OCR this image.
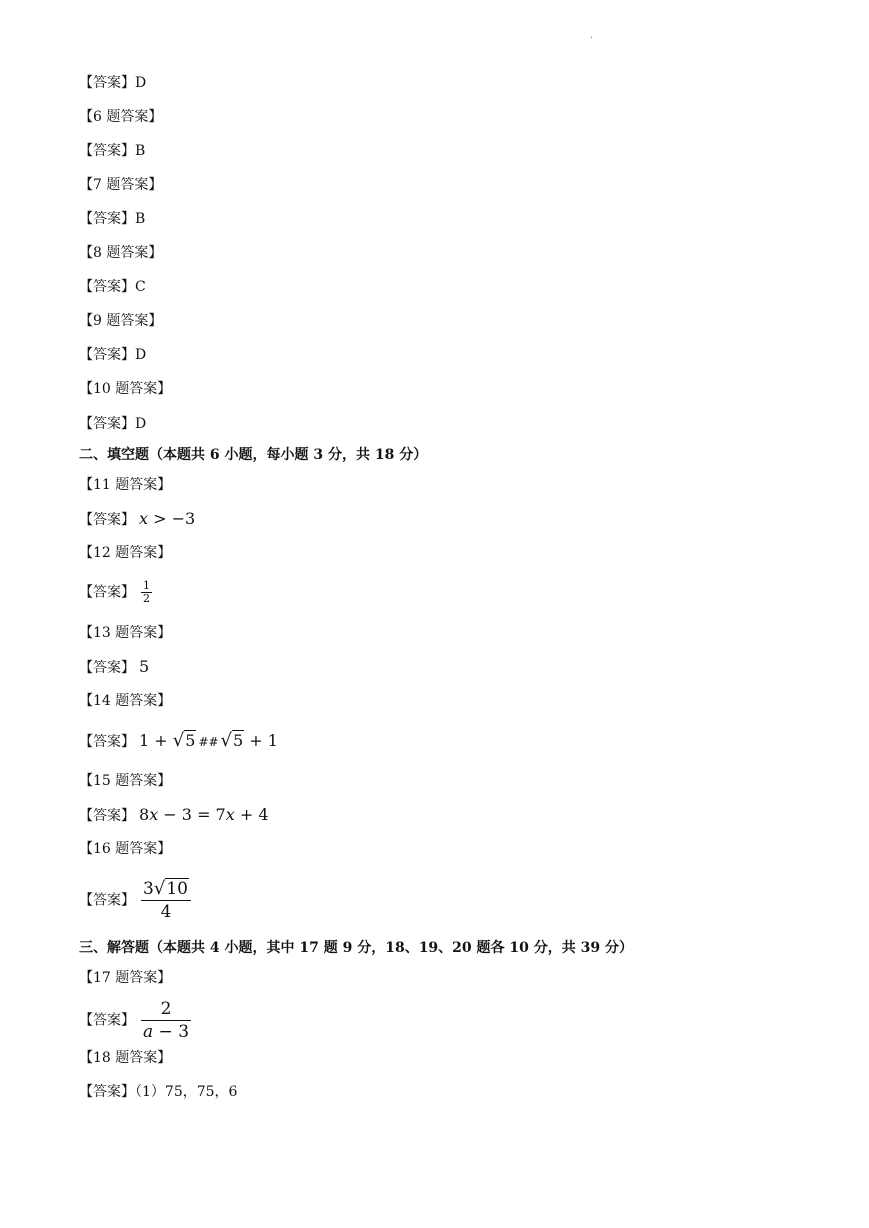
.
【答案】D
【6 题答案】
【答案】B
【7 题答案】
【答案】B
【8 题答案】
【答案】C
【9 题答案】
【答案】D
【10 题答案】
【答案】D
二、填空题（本题共 6 小题，每小题 3 分，共 18 分）
【11 题答案】
【答案】 x > −3
【12 题答案】
【答案】 $\frac{1}{2}$
【13 题答案】
【答案】 5
【14 题答案】
【答案】 1 + √5 ## √5 + 1
【15 题答案】
【答案】 8x − 3 = 7x + 4
【16 题答案】
【答案】 $\frac{3√10}{4}$
三、解答题（本题共 4 小题，其中 17 题 9 分，18、19、20 题各 10 分，共 39 分）
【17 题答案】
【答案】 $\frac{2}{a - 3}$
【18 题答案】
【答案】（1）75，75，6
